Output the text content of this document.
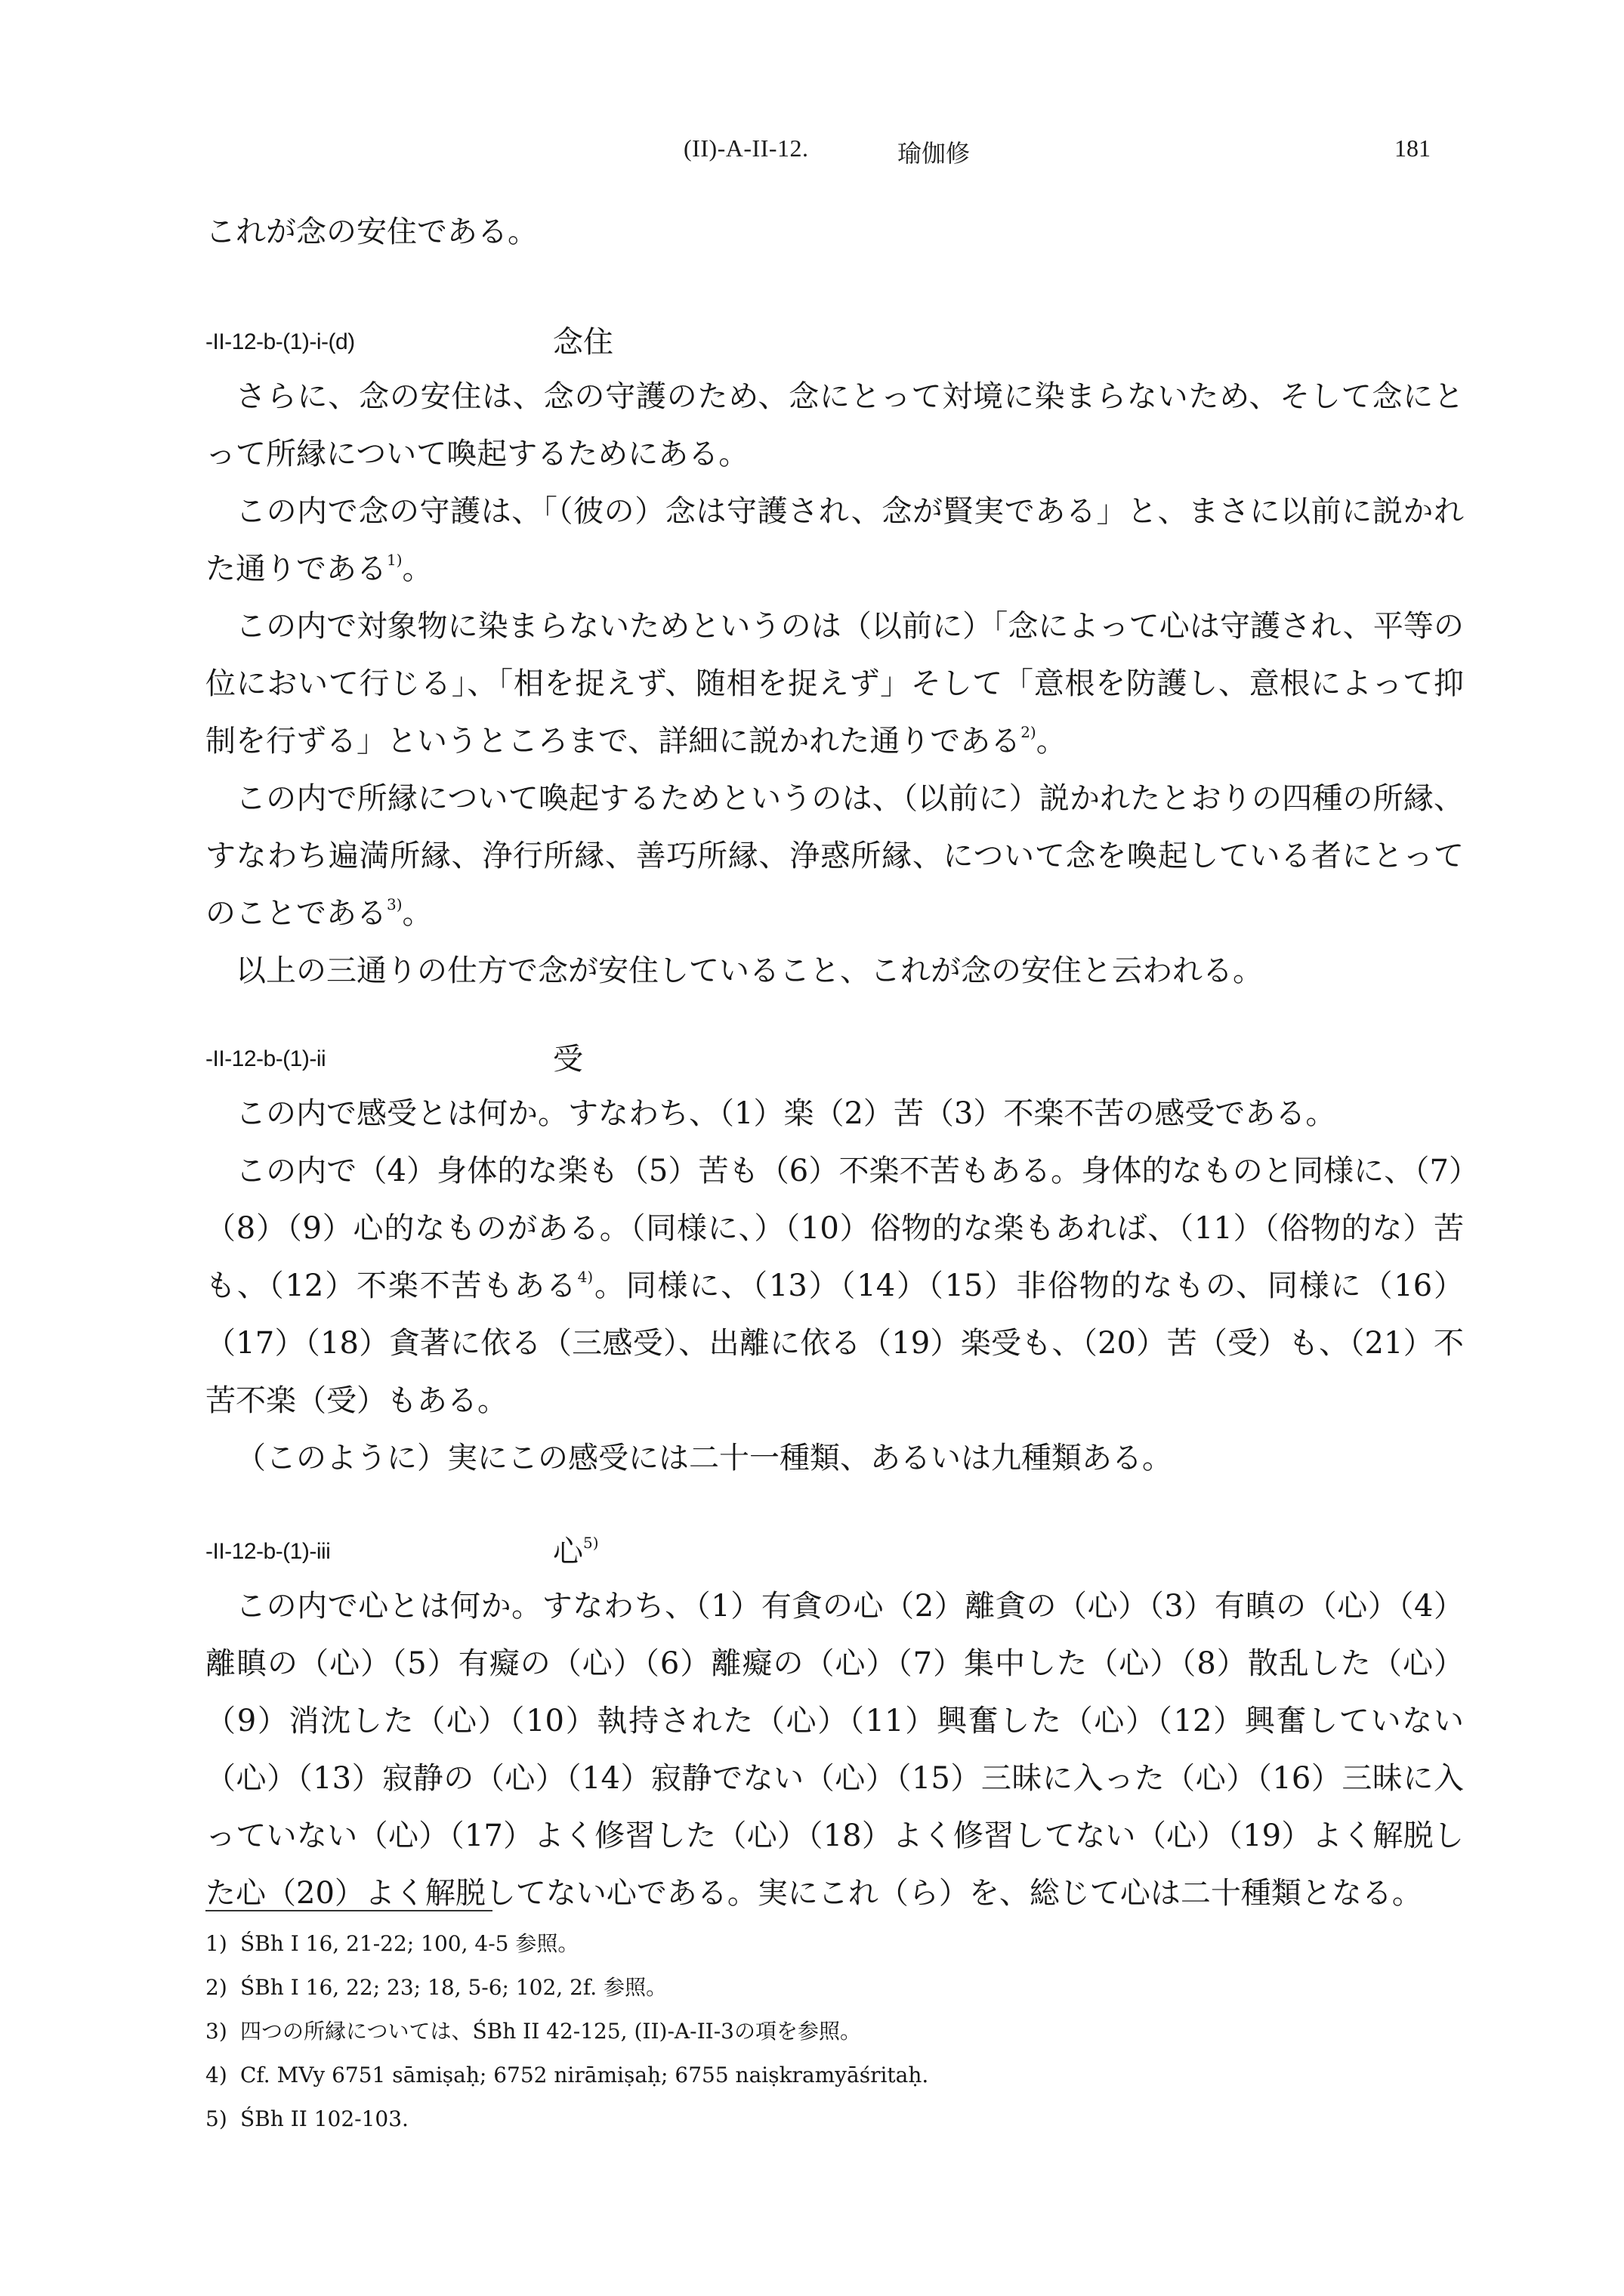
(II)-A-II-12.	瑜伽修	181

これが念の安住である。

-II-12-b-(1)-i-(d)	念住

さらに、念の安住は、念の守護のため、念にとって対境に染まらないため、そして念にとって所縁について喚起するためにある。

この内で念の守護は、「（彼の）念は守護され、念が賢実である」と、まさに以前に説かれた通りである$^{1)}$。

この内で対象物に染まらないためというのは（以前に）「念によって心は守護され、平等の位において行じる」、「相を捉えず、随相を捉えず」そして「意根を防護し、意根によって抑制を行ずる」というところまで、詳細に説かれた通りである$^{2)}$。

この内で所縁について喚起するためというのは、（以前に）説かれたとおりの四種の所縁、すなわち遍満所縁、浄行所縁、善巧所縁、浄惑所縁、について念を喚起している者にとってのことである$^{3)}$。

以上の三通りの仕方で念が安住していること、これが念の安住と云われる。

-II-12-b-(1)-ii	受

この内で感受とは何か。すなわち、（1）楽（2）苦（3）不楽不苦の感受である。

この内で（4）身体的な楽も（5）苦も（6）不楽不苦もある。身体的なものと同様に、（7）（8）（9）心的なものがある。（同様に、）（10）俗物的な楽もあれば、（11）（俗物的な）苦も、（12）不楽不苦もある$^{4)}$。同様に、（13）（14）（15）非俗物的なもの、同様に（16）（17）（18）貪著に依る（三感受）、出離に依る（19）楽受も、（20）苦（受）も、（21）不苦不楽（受）もある。

（このように）実にこの感受には二十一種類、あるいは九種類ある。

-II-12-b-(1)-iii	心$^{5)}$

この内で心とは何か。すなわち、（1）有貪の心（2）離貪の（心）（3）有瞋の（心）（4）離瞋の（心）（5）有癡の（心）（6）離癡の（心）（7）集中した（心）（8）散乱した（心）（9）消沈した（心）（10）執持された（心）（11）興奮した（心）（12）興奮していない（心）（13）寂静の（心）（14）寂静でない（心）（15）三昧に入った（心）（16）三昧に入っていない（心）（17）よく修習した（心）（18）よく修習してない（心）（19）よく解脱した心（20）よく解脱してない心である。実にこれ（ら）を、総じて心は二十種類となる。

1) ŚBh I 16, 21-22; 100, 4-5 参照。
2) ŚBh I 16, 22; 23; 18, 5-6; 102, 2f. 参照。
3) 四つの所縁については、ŚBh II 42-125, (II)-A-II-3の項を参照。
4) Cf. MVy 6751 sāmiṣaḥ; 6752 nirāmiṣaḥ; 6755 naiṣkramyāśritaḥ.
5) ŚBh II 102-103.
